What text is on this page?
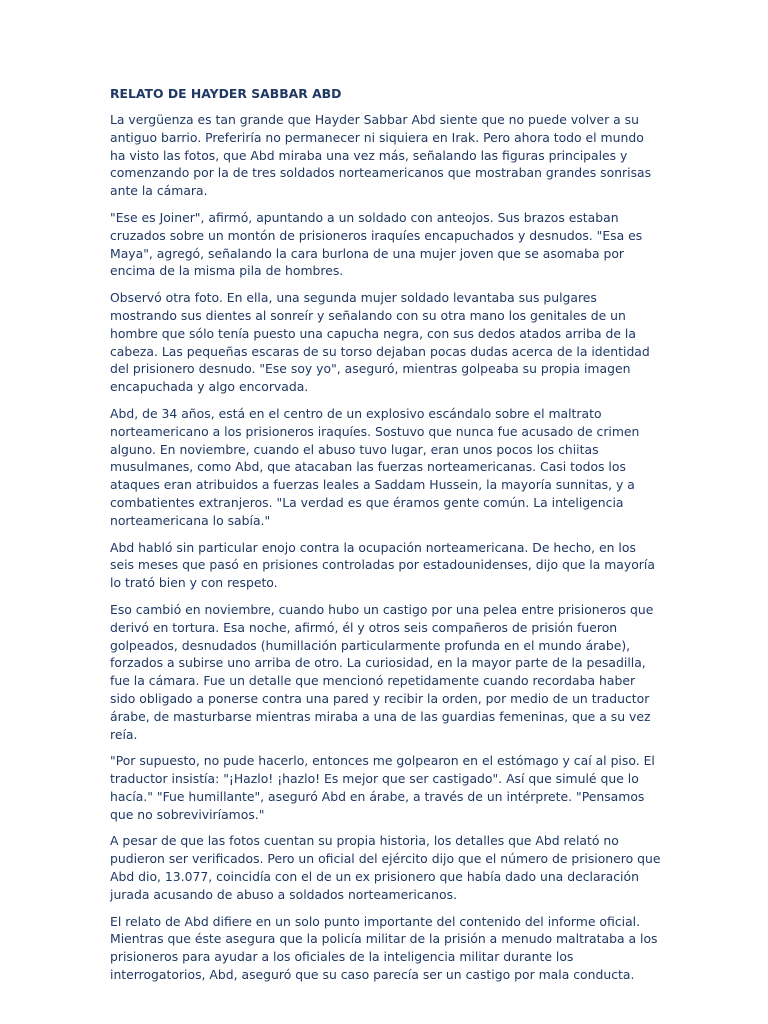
RELATO DE HAYDER SABBAR ABD

La vergüenza es tan grande que Hayder Sabbar Abd siente que no puede volver a su antiguo barrio. Preferiría no permanecer ni siquiera en Irak. Pero ahora todo el mundo ha visto las fotos, que Abd miraba una vez más, señalando las figuras principales y comenzando por la de tres soldados norteamericanos que mostraban grandes sonrisas ante la cámara.

"Ese es Joiner", afirmó, apuntando a un soldado con anteojos. Sus brazos estaban cruzados sobre un montón de prisioneros iraquíes encapuchados y desnudos. "Esa es Maya", agregó, señalando la cara burlona de una mujer joven que se asomaba por encima de la misma pila de hombres.

Observó otra foto. En ella, una segunda mujer soldado levantaba sus pulgares mostrando sus dientes al sonreír y señalando con su otra mano los genitales de un hombre que sólo tenía puesto una capucha negra, con sus dedos atados arriba de la cabeza. Las pequeñas escaras de su torso dejaban pocas dudas acerca de la identidad del prisionero desnudo. "Ese soy yo", aseguró, mientras golpeaba su propia imagen encapuchada y algo encorvada.

Abd, de 34 años, está en el centro de un explosivo escándalo sobre el maltrato norteamericano a los prisioneros iraquíes. Sostuvo que nunca fue acusado de crimen alguno. En noviembre, cuando el abuso tuvo lugar, eran unos pocos los chiitas musulmanes, como Abd, que atacaban las fuerzas norteamericanas. Casi todos los ataques eran atribuidos a fuerzas leales a Saddam Hussein, la mayoría sunnitas, y a combatientes extranjeros. "La verdad es que éramos gente común. La inteligencia norteamericana lo sabía."

Abd habló sin particular enojo contra la ocupación norteamericana. De hecho, en los seis meses que pasó en prisiones controladas por estadounidenses, dijo que la mayoría lo trató bien y con respeto.

Eso cambió en noviembre, cuando hubo un castigo por una pelea entre prisioneros que derivó en tortura. Esa noche, afirmó, él y otros seis compañeros de prisión fueron golpeados, desnudados (humillación particularmente profunda en el mundo árabe), forzados a subirse uno arriba de otro. La curiosidad, en la mayor parte de la pesadilla, fue la cámara. Fue un detalle que mencionó repetidamente cuando recordaba haber sido obligado a ponerse contra una pared y recibir la orden, por medio de un traductor árabe, de masturbarse mientras miraba a una de las guardias femeninas, que a su vez reía.

"Por supuesto, no pude hacerlo, entonces me golpearon en el estómago y caí al piso. El traductor insistía: "¡Hazlo! ¡hazlo! Es mejor que ser castigado". Así que simulé que lo hacía." "Fue humillante", aseguró Abd en árabe, a través de un intérprete. "Pensamos que no sobreviviríamos."

A pesar de que las fotos cuentan su propia historia, los detalles que Abd relató no pudieron ser verificados. Pero un oficial del ejército dijo que el número de prisionero que Abd dio, 13.077, coincidía con el de un ex prisionero que había dado una declaración jurada acusando de abuso a soldados norteamericanos.

El relato de Abd difiere en un solo punto importante del contenido del informe oficial. Mientras que éste asegura que la policía militar de la prisión a menudo maltrataba a los prisioneros para ayudar a los oficiales de la inteligencia militar durante los interrogatorios, Abd, aseguró que su caso parecía ser un castigo por mala conducta.
